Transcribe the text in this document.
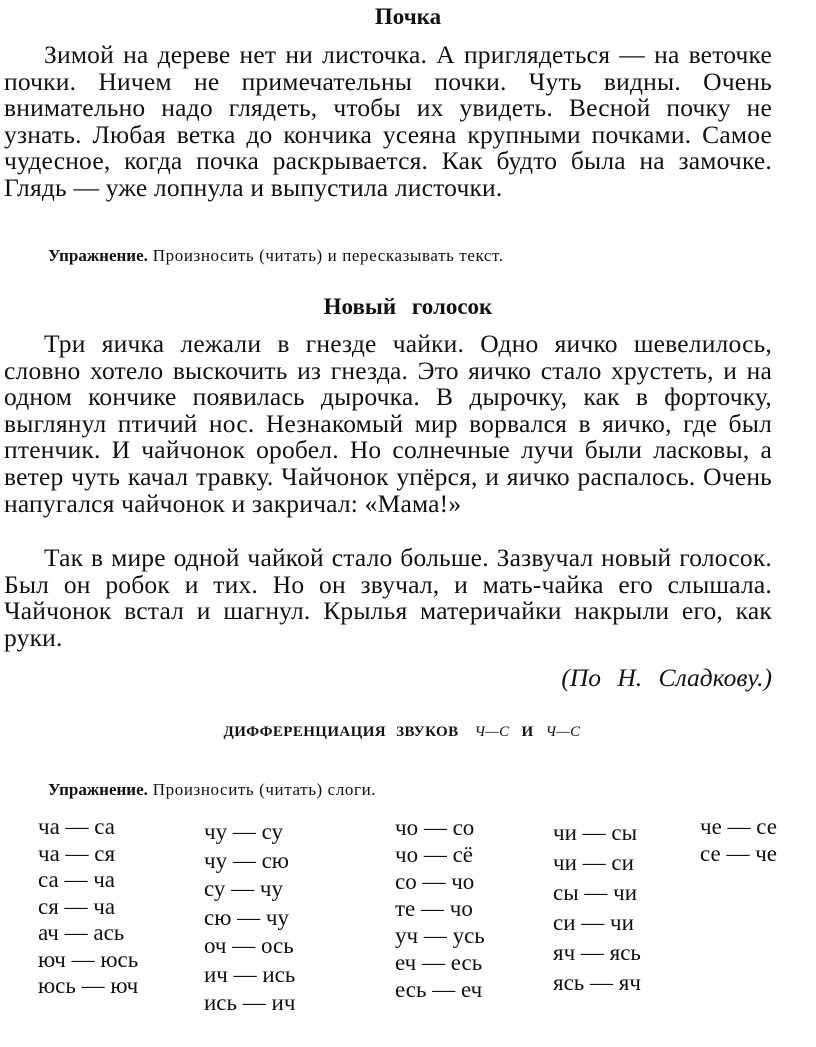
Почка

Зимой на дереве нет ни листочка. А приглядеться — на веточке почки. Ничем не примечательны почки. Чуть видны. Очень внимательно надо глядеть, чтобы их увидеть. Весной почку не узнать. Любая ветка до кончика усеяна крупными почками. Самое чудесное, когда почка раскрывается. Как будто была на замочке. Глядь — уже лопнула и выпустила листочки.

Упражнение. Произносить (читать) и пересказывать текст.
Новый голосок

Три яичка лежали в гнезде чайки. Одно яичко шевелилось, словно хотело выскочить из гнезда. Это яичко стало хрустеть, и на одном кончике появилась дырочка. В дырочку, как в форточку, выглянул птичий нос. Незнакомый мир ворвался в яичко, где был птенчик. И чайчонок оробел. Но солнечные лучи были ласковы, а ветер чуть качал травку. Чайчонок упёрся, и яичко распалось. Очень напугался чайчонок и закричал: «Мама!»

Так в мире одной чайкой стало больше. Зазвучал новый голосок. Был он робок и тих. Но он звучал, и мать-чайка его слышала. Чайчонок встал и шагнул. Крылья материчайки накрыли его, как руки.

(По Н. Сладкову.)
ДИФФЕРЕНЦИАЦИЯ ЗВУКОВ Ч—С И Ч—С
Упражнение. Произносить (читать) слоги.
ча — са
ча — ся
са — ча
ся — ча
ач — ась
юч — юсь
юсь — юч
чу — су
чу — сю
су — чу
сю — чу
оч — ось
ич — ись
ись — ич
чо — со
чо — сё
со — чо
те — чо
уч — усь
еч — есь
есь — еч
чи — сы
чи — си
сы — чи
си — чи
яч — ясь
ясь — яч
че — се
се — че
